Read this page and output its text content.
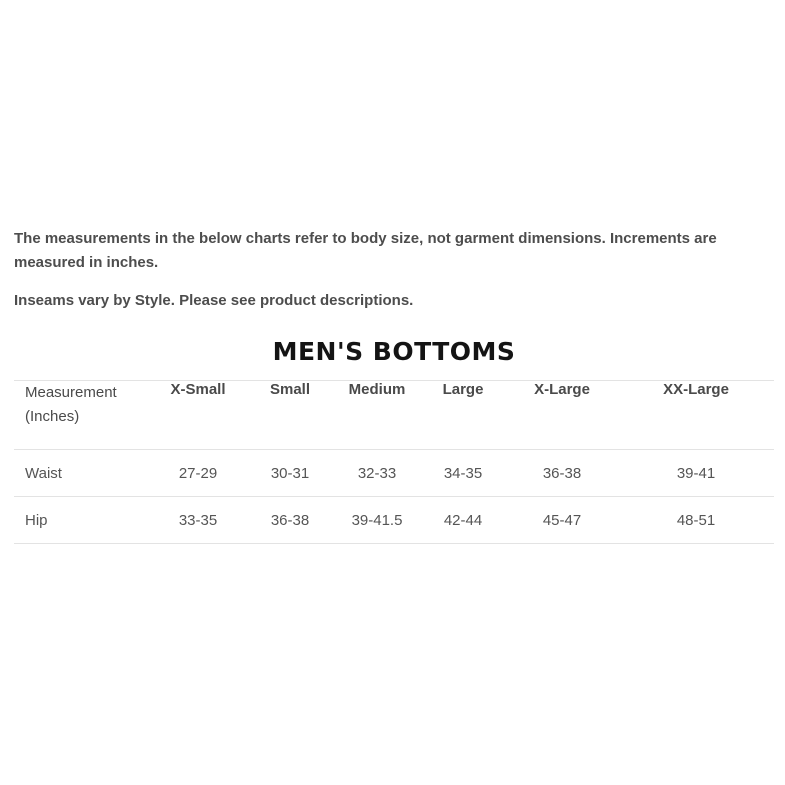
The measurements in the below charts refer to body size, not garment dimensions. Increments are measured in inches.

Inseams vary by Style. Please see product descriptions.

MEN'S BOTTOMS
Measurement (Inches)	X-Small	Small	Medium	Large	X-Large	XX-Large
Waist	27-29	30-31	32-33	34-35	36-38	39-41
Hip	33-35	36-38	39-41.5	42-44	45-47	48-51
